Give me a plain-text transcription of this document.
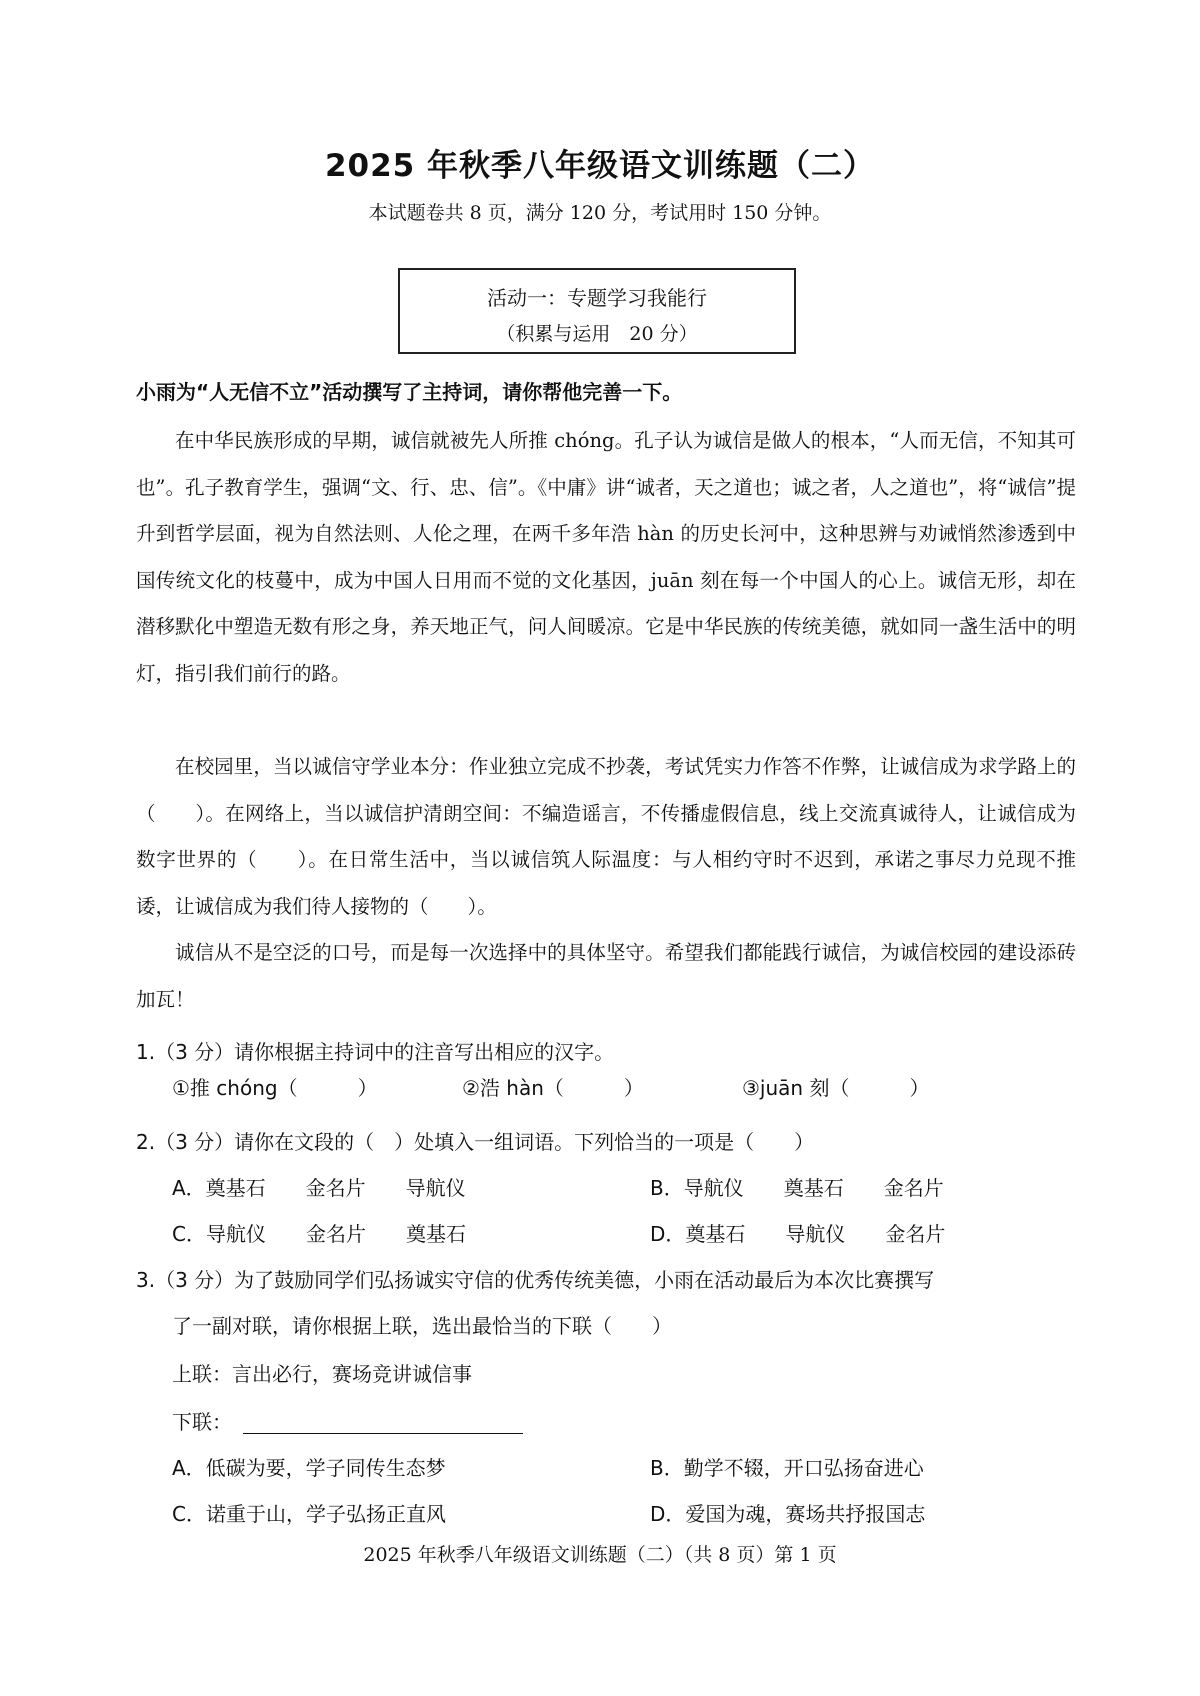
2025 年秋季八年级语文训练题（二）
本试题卷共 8 页，满分 120 分，考试用时 150 分钟。
活动一：专题学习我能行
（积累与运用　20 分）
小雨为“人无信不立”活动撰写了主持词，请你帮他完善一下。
在中华民族形成的早期，诚信就被先人所推 chóng。孔子认为诚信是做人的根本，“人而无信，不知其可也”。孔子教育学生，强调“文、行、忠、信”。《中庸》讲“诚者，天之道也；诚之者，人之道也”，将“诚信”提升到哲学层面，视为自然法则、人伦之理，在两千多年浩 hàn 的历史长河中，这种思辨与劝诫悄然渗透到中国传统文化的枝蔓中，成为中国人日用而不觉的文化基因，juān 刻在每一个中国人的心上。诚信无形，却在潜移默化中塑造无数有形之身，养天地正气，问人间暖凉。它是中华民族的传统美德，就如同一盏生活中的明灯，指引我们前行的路。
在校园里，当以诚信守学业本分：作业独立完成不抄袭，考试凭实力作答不作弊，让诚信成为求学路上的（　　）。在网络上，当以诚信护清朗空间：不编造谣言，不传播虚假信息，线上交流真诚待人，让诚信成为数字世界的（　　）。在日常生活中，当以诚信筑人际温度：与人相约守时不迟到，承诺之事尽力兑现不推诿，让诚信成为我们待人接物的（　　）。
诚信从不是空泛的口号，而是每一次选择中的具体坚守。希望我们都能践行诚信，为诚信校园的建设添砖加瓦！
1.（3 分）请你根据主持词中的注音写出相应的汉字。
①推 chóng（　　　）	②浩 hàn（　　　）	③juān 刻（　　　）
2.（3 分）请你在文段的（　）处填入一组词语。下列恰当的一项是（　　）
A．奠基石　　金名片　　导航仪	B．导航仪　　奠基石　　金名片
C．导航仪　　金名片　　奠基石	D．奠基石　　导航仪　　金名片
3.（3 分）为了鼓励同学们弘扬诚实守信的优秀传统美德，小雨在活动最后为本次比赛撰写
了一副对联，请你根据上联，选出最恰当的下联（　　）
上联：言出必行，赛场竞讲诚信事
下联：
A．低碳为要，学子同传生态梦	B．勤学不辍，开口弘扬奋进心
C．诺重于山，学子弘扬正直风	D．爱国为魂，赛场共抒报国志
2025 年秋季八年级语文训练题（二）（共 8 页）第 1 页
